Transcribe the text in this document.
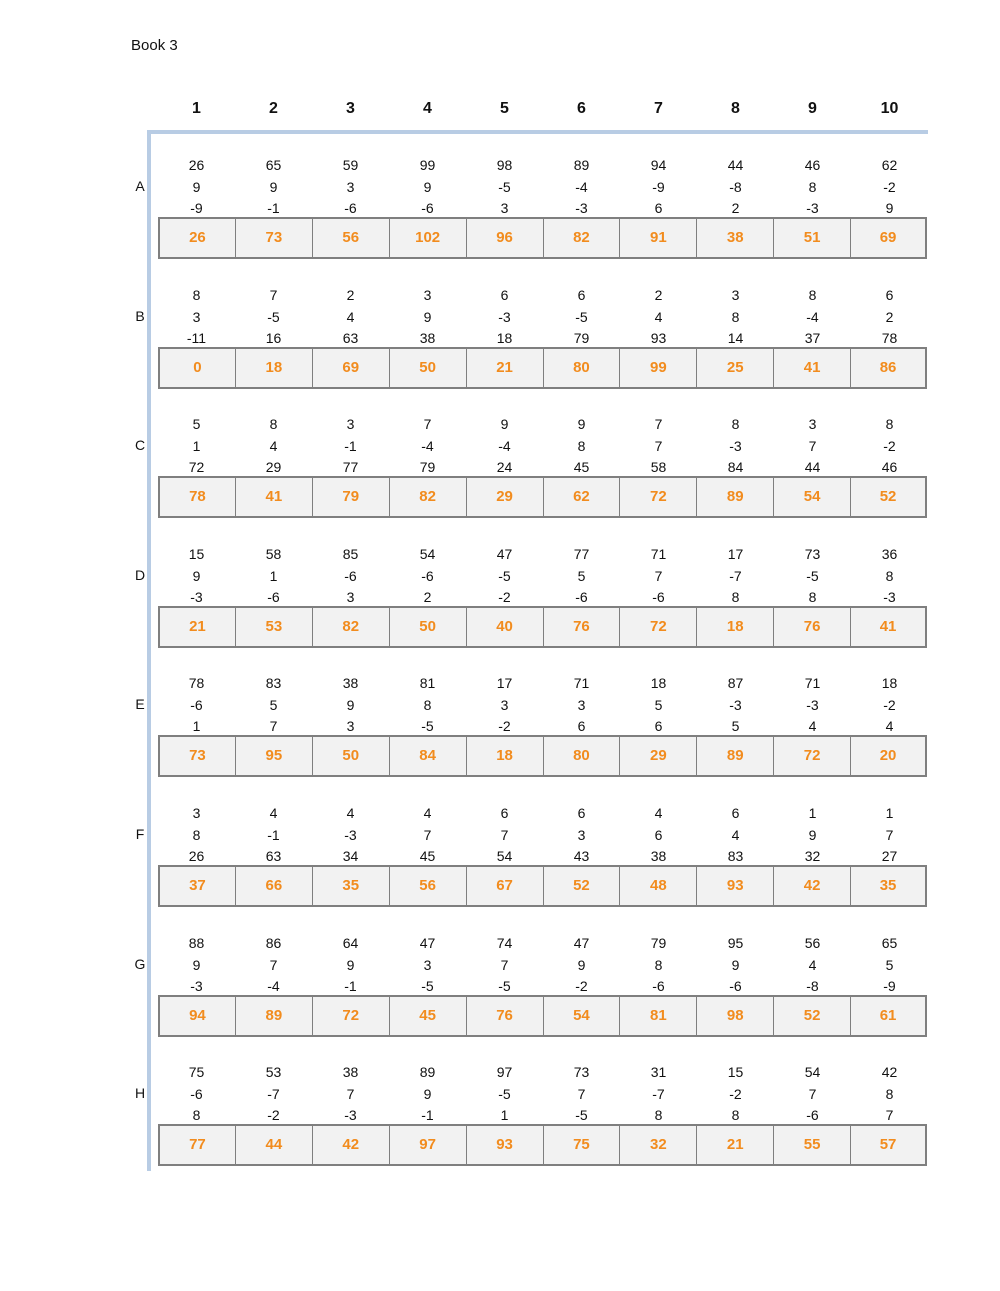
Book 3
1	2	3	4	5	6	7	8	9	10
A
26	65	59	99	98	89	94	44	46	62
9	9	3	9	-5	-4	-9	-8	8	-2
-9	-1	-6	-6	3	-3	6	2	-3	9
26	73	56	102	96	82	91	38	51	69
B
8	7	2	3	6	6	2	3	8	6
3	-5	4	9	-3	-5	4	8	-4	2
-11	16	63	38	18	79	93	14	37	78
0	18	69	50	21	80	99	25	41	86
C
5	8	3	7	9	9	7	8	3	8
1	4	-1	-4	-4	8	7	-3	7	-2
72	29	77	79	24	45	58	84	44	46
78	41	79	82	29	62	72	89	54	52
D
15	58	85	54	47	77	71	17	73	36
9	1	-6	-6	-5	5	7	-7	-5	8
-3	-6	3	2	-2	-6	-6	8	8	-3
21	53	82	50	40	76	72	18	76	41
E
78	83	38	81	17	71	18	87	71	18
-6	5	9	8	3	3	5	-3	-3	-2
1	7	3	-5	-2	6	6	5	4	4
73	95	50	84	18	80	29	89	72	20
F
3	4	4	4	6	6	4	6	1	1
8	-1	-3	7	7	3	6	4	9	7
26	63	34	45	54	43	38	83	32	27
37	66	35	56	67	52	48	93	42	35
G
88	86	64	47	74	47	79	95	56	65
9	7	9	3	7	9	8	9	4	5
-3	-4	-1	-5	-5	-2	-6	-6	-8	-9
94	89	72	45	76	54	81	98	52	61
H
75	53	38	89	97	73	31	15	54	42
-6	-7	7	9	-5	7	-7	-2	7	8
8	-2	-3	-1	1	-5	8	8	-6	7
77	44	42	97	93	75	32	21	55	57
